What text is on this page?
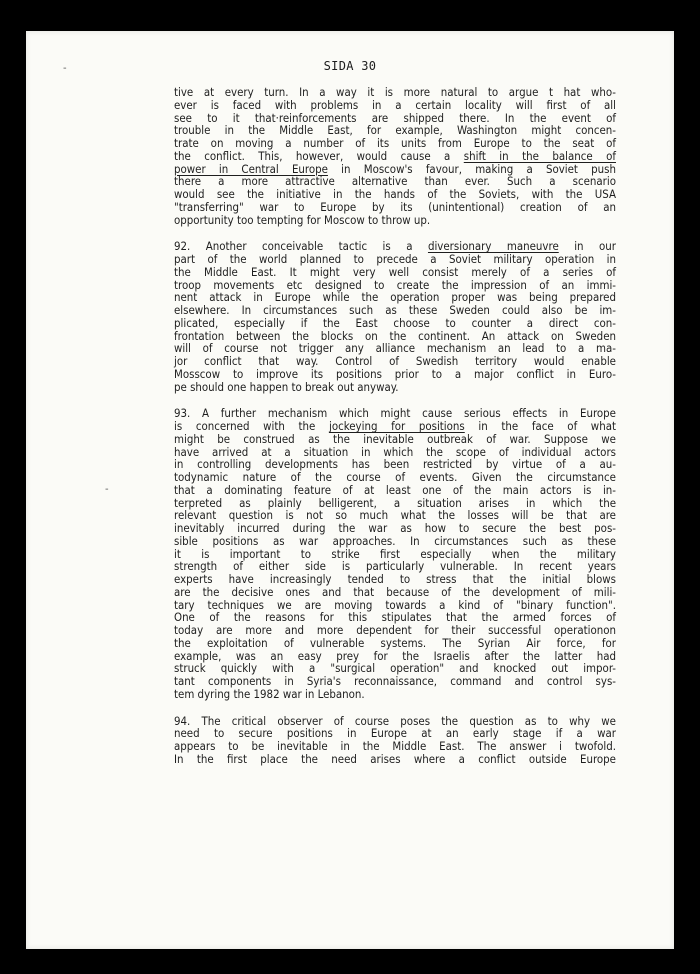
-
-
SIDA 30
tive at every turn. In a way it is more natural to argue t hat who-
ever is faced with problems in a certain locality will first of all
see to it that·reinforcements are shipped there. In the event of
trouble in the Middle East, for example, Washington might concen-
trate on moving a number of its units from Europe to the seat of
the conflict. This, however, would cause a shift in the balance of
power in Central Europe in Moscow's favour, making a Soviet push
there a more attractive alternative than ever. Such a scenario
would see the initiative in the hands of the Soviets, with the USA
"transferring" war to Europe by its (unintentional) creation of an
opportunity too tempting for Moscow to throw up.
92. Another conceivable tactic is a diversionary maneuvre in our
part of the world planned to precede a Soviet military operation in
the Middle East. It might very well consist merely of a series of
troop movements etc designed to create the impression of an immi-
nent attack in Europe while the operation proper was being prepared
elsewhere. In circumstances such as these Sweden could also be im-
plicated, especially if the East choose to counter a direct con-
frontation between the blocks on the continent. An attack on Sweden
will of course not trigger any alliance mechanism an lead to a ma-
jor conflict that way. Control of Swedish territory would enable
Mosscow to improve its positions prior to a major conflict in Euro-
pe should one happen to break out anyway.
93. A further mechanism which might cause serious effects in Europe
is concerned with the jockeying for positions in the face of what
might be construed as the inevitable outbreak of war. Suppose we
have arrived at a situation in which the scope of individual actors
in controlling developments has been restricted by virtue of a au-
todynamic nature of the course of events. Given the circumstance
that a dominating feature of at least one of the main actors is in-
terpreted as plainly belligerent, a situation arises in which the
relevant question is not so much what the losses will be that are
inevitably incurred during the war as how to secure the best pos-
sible positions as war approaches. In circumstances such as these
it is important to strike first especially when the military
strength of either side is particularly vulnerable. In recent years
experts have increasingly tended to stress that the initial blows
are the decisive ones and that because of the development of mili-
tary techniques we are moving towards a kind of "binary function".
One of the reasons for this stipulates that the armed forces of
today are more and more dependent for their successful operationon
the exploitation of vulnerable systems. The Syrian Air force, for
example, was an easy prey for the Israelis after the latter had
struck quickly with a "surgical operation" and knocked out impor-
tant components in Syria's reconnaissance, command and control sys-
tem dyring the 1982 war in Lebanon.
94. The critical observer of course poses the question as to why we
need to secure positions in Europe at an early stage if a war
appears to be inevitable in the Middle East. The answer i twofold.
In the first place the need arises where a conflict outside Europe
